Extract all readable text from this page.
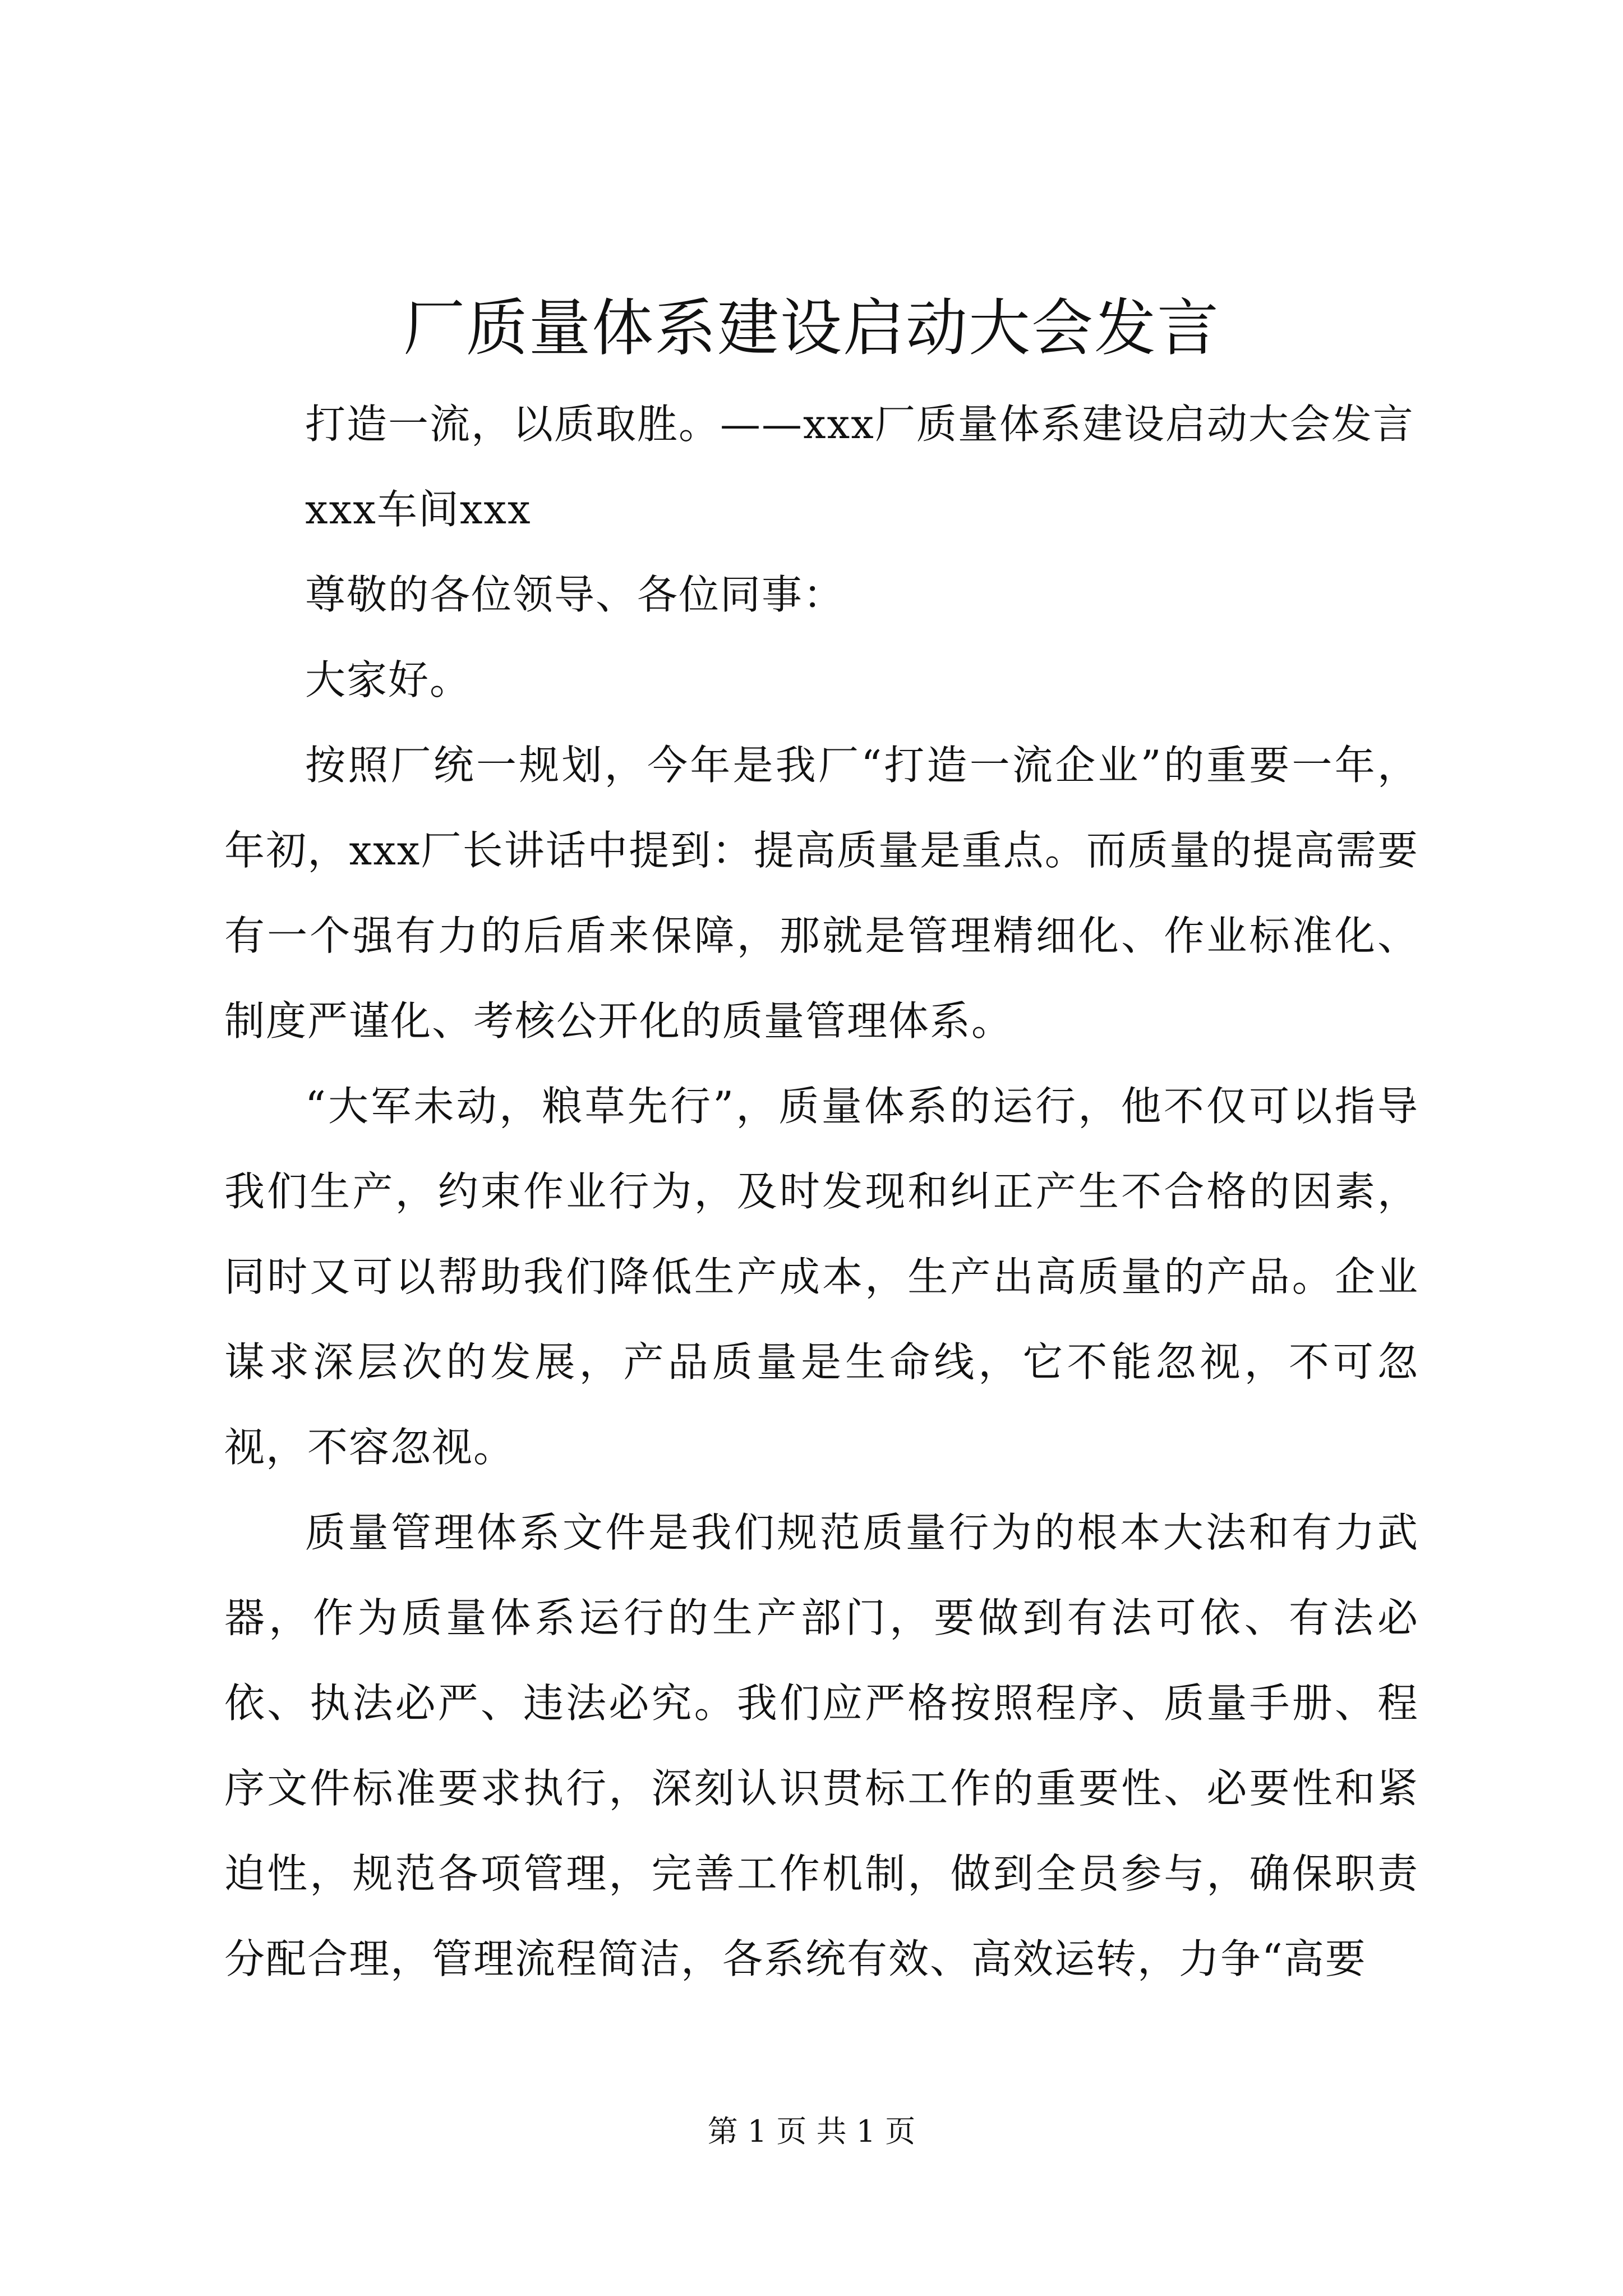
厂质量体系建设启动大会发言

打造一流，以质取胜。——xxx厂质量体系建设启动大会发言

xxx车间xxx

尊敬的各位领导、各位同事：

大家好。

按照厂统一规划，今年是我厂“打造一流企业”的重要一年，年初，xxx厂长讲话中提到：提高质量是重点。而质量的提高需要有一个强有力的后盾来保障，那就是管理精细化、作业标准化、制度严谨化、考核公开化的质量管理体系。

“大军未动，粮草先行”，质量体系的运行，他不仅可以指导我们生产，约束作业行为，及时发现和纠正产生不合格的因素，同时又可以帮助我们降低生产成本，生产出高质量的产品。企业谋求深层次的发展，产品质量是生命线，它不能忽视，不可忽视，不容忽视。

质量管理体系文件是我们规范质量行为的根本大法和有力武器，作为质量体系运行的生产部门，要做到有法可依、有法必依、执法必严、违法必究。我们应严格按照程序、质量手册、程序文件标准要求执行，深刻认识贯标工作的重要性、必要性和紧迫性，规范各项管理，完善工作机制，做到全员参与，确保职责分配合理，管理流程简洁，各系统有效、高效运转，力争“高要

第 1 页 共 1 页
